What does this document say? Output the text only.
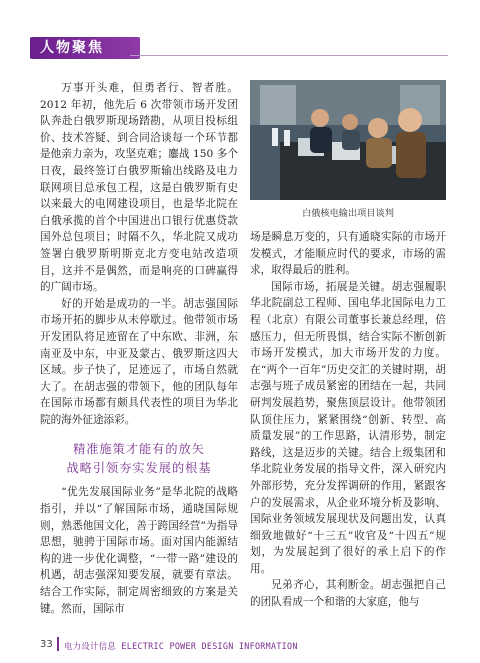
人物聚焦

万事开头难，但勇者行、智者胜。2012 年初，他先后 6 次带领市场开发团队奔赴白俄罗斯现场踏勘，从项目投标组价、技术答疑、到合同洽谈每一个环节都是他亲力亲为，攻坚克难；鏖战 150 多个日夜，最终签订白俄罗斯输出线路及电力联网项目总承包工程，这是白俄罗斯有史以来最大的电网建设项目，也是华北院在白俄承揽的首个中国进出口银行优惠贷款国外总包项目；时隔不久，华北院又成功签署白俄罗斯明斯克北方变电站改造项目，这并不是偶然，而是响亮的口碑赢得的广阔市场。

好的开始是成功的一半。胡志强国际市场开拓的脚步从未停歇过。他带领市场开发团队将足迹留在了中东欧、非洲，东南亚及中东，中亚及蒙古、俄罗斯这四大区域。步子快了，足迹远了，市场自然就大了。在胡志强的带领下，他的团队每年在国际市场都有颇具代表性的项目为华北院的海外征途添彩。

精准施策才能有的放矢
战略引领夯实发展的根基

“优先发展国际业务”是华北院的战略指引，并以“了解国际市场，通晓国际规则，熟悉他国文化，善于跨国经营”为指导思想，驰骋于国际市场。面对国内能源结构的进一步优化调整，“一带一路”建设的机遇，胡志强深知要发展，就要有章法。结合工作实际，制定周密细致的方案是关键。然而，国际市

白俄核电输出项目谈判

场是瞬息万变的，只有通晓实际的市场开发模式，才能顺应时代的要求，市场的需求，取得最后的胜利。

国际市场，拓展是关键。胡志强履职华北院副总工程师、国电华北国际电力工程（北京）有限公司董事长兼总经理，倍感压力，但无所畏惧，结合实际不断创新市场开发模式，加大市场开发的力度。在“两个一百年”历史交汇的关键时期，胡志强与班子成员紧密的团结在一起，共同研判发展趋势，聚焦顶层设计。他带领团队顶住压力，紧紧围绕“创新、转型、高质量发展”的工作思路，认清形势，制定路线，这是迈步的关键。结合上级集团和华北院业务发展的指导文件，深入研究内外部形势，充分发挥调研的作用，紧跟客户的发展需求，从企业环境分析及影响、国际业务领域发展现状及问题出发，认真细致地做好“十三五”收官及“十四五”规划，为发展起到了很好的承上启下的作用。

兄弟齐心，其利断金。胡志强把自己的团队看成一个和谐的大家庭，他与

33 电力设计信息 ELECTRIC POWER DESIGN INFORMATION
